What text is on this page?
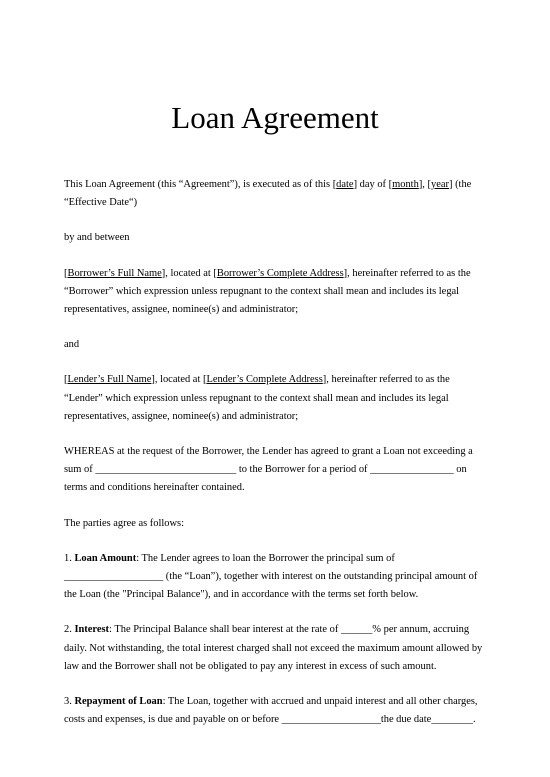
Loan Agreement

This Loan Agreement (this “Agreement”), is executed as of this [date] day of [month], [year] (the “Effective Date“)

by and between

[Borrower’s Full Name], located at [Borrower’s Complete Address], hereinafter referred to as the “Borrower” which expression unless repugnant to the context shall mean and includes its legal representatives, assignee, nominee(s) and administrator;

and

[Lender’s Full Name], located at [Lender’s Complete Address], hereinafter referred to as the “Lender” which expression unless repugnant to the context shall mean and includes its legal representatives, assignee, nominee(s) and administrator;

WHEREAS at the request of the Borrower, the Lender has agreed to grant a Loan not exceeding a sum of ___________________________ to the Borrower for a period of ________________ on terms and conditions hereinafter contained.

The parties agree as follows:

1. Loan Amount: The Lender agrees to loan the Borrower the principal sum of ___________________ (the “Loan”), together with interest on the outstanding principal amount of the Loan (the "Principal Balance"), and in accordance with the terms set forth below.

2. Interest: The Principal Balance shall bear interest at the rate of ______% per annum, accruing daily. Not withstanding, the total interest charged shall not exceed the maximum amount allowed by law and the Borrower shall not be obligated to pay any interest in excess of such amount.

3. Repayment of Loan: The Loan, together with accrued and unpaid interest and all other charges, costs and expenses, is due and payable on or before ___________________the due date________.
